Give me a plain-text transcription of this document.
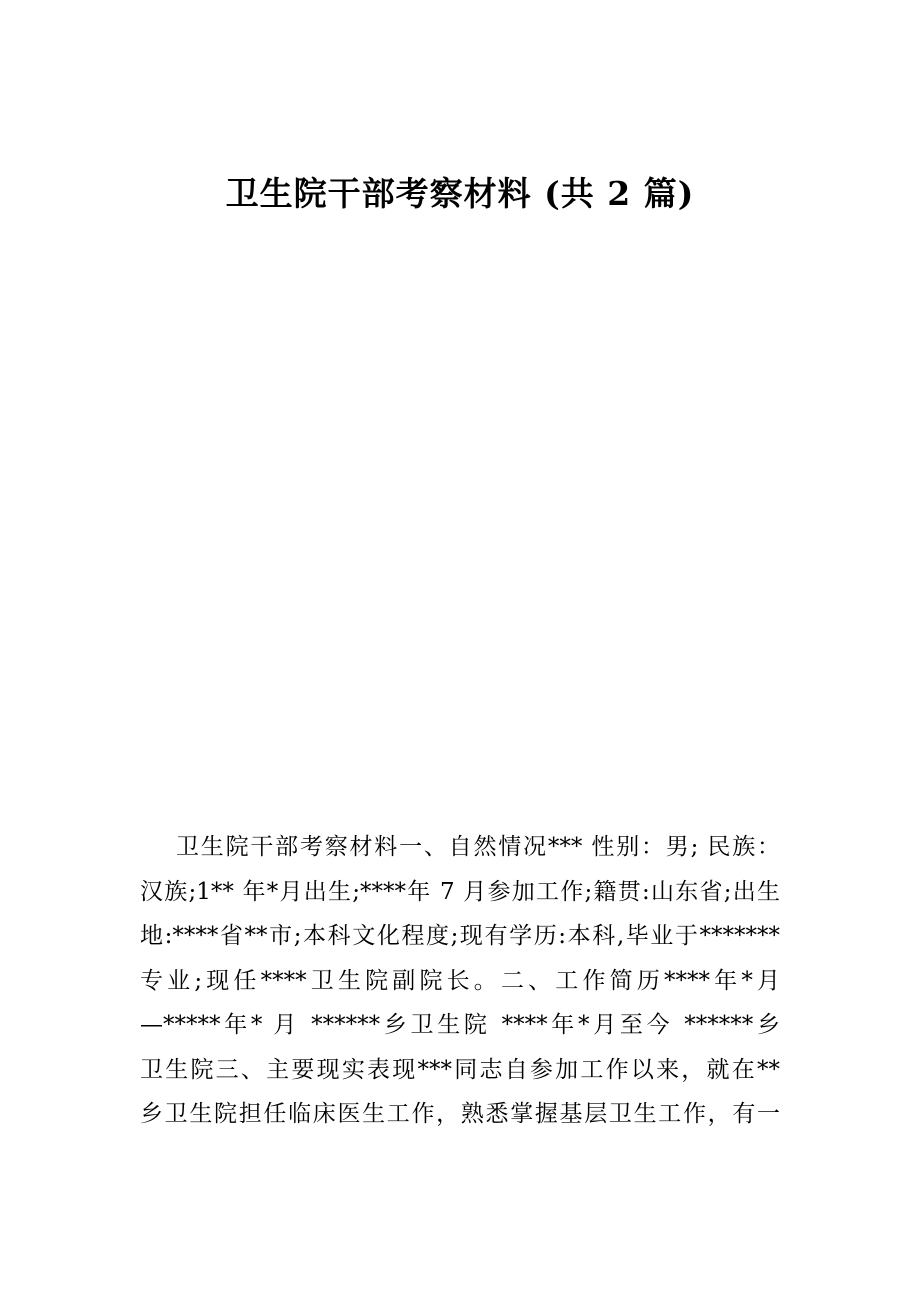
卫生院干部考察材料 (共 2 篇)
卫生院干部考察材料一、自然情况*** 性别：男; 民族：
汉族;1** 年*月出生;****年 7 月参加工作;籍贯:山东省;出生
地:****省**市;本科文化程度;现有学历:本科,毕业于*******
专业;现任****卫生院副院长。二、工作简历****年*月
—*****年* 月 ******乡卫生院 ****年*月至今 ******乡
卫生院三、主要现实表现***同志自参加工作以来，就在**
乡卫生院担任临床医生工作，熟悉掌握基层卫生工作，有一
